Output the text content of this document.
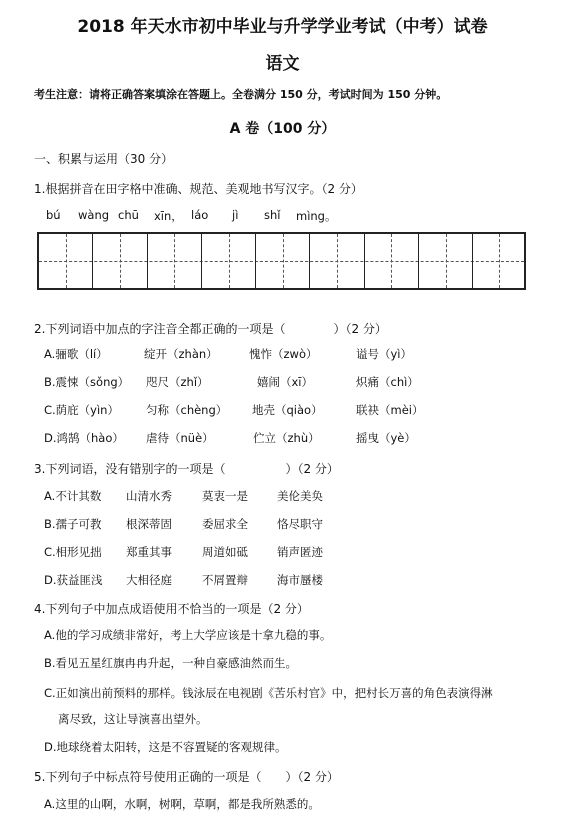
2018 年天水市初中毕业与升学学业考试（中考）试卷
语文
考生注意：请将正确答案填涂在答题上。全卷满分 150 分，考试时间为 150 分钟。
A 卷（100 分）
一、积累与运用（30 分）
1.根据拼音在田字格中准确、规范、美观地书写汉字。（2 分）
bú wàng chū xīn， láo jì shǐ mìng。
2.下列词语中加点的字注音全都正确的一项是（　　　　）（2 分）
A.骊歌（lí）	绽开（zhàn）	愧怍（zwò）	谥号（yì）
B.震悚（sǒng） 咫尺（zhǐ）	嬉闹（xī）	炽痛（chì）
C.荫庇（yìn） 匀称（chèng） 地壳（qiào）	联袂（mèi）
D.鸿鹄（hào） 虐待（nüè）	伫立（zhù）	摇曳（yè）
3.下列词语，没有错别字的一项是（　　　　　）（2 分）
A.不计其数 山清水秀	莫衷一是	美伦美奂
B.孺子可教 根深蒂固	委屈求全	恪尽职守
C.相形见拙 郑重其事	周道如砥	销声匿迹
D.获益匪浅 大相径庭	不屑置辩	海市蜃楼
4.下列句子中加点成语使用不恰当的一项是（2 分）
A.他的学习成绩非常好，考上大学应该是十拿九稳的事。
B.看见五星红旗冉冉升起，一种自豪感油然而生。
C.正如演出前预料的那样。钱泳辰在电视剧《苦乐村官》中，把村长万喜的角色表演得淋
离尽致，这让导演喜出望外。
D.地球绕着太阳转，这是不容置疑的客观规律。
5.下列句子中标点符号使用正确的一项是（　　）（2 分）
A.这里的山啊，水啊，树啊，草啊，都是我所熟悉的。
